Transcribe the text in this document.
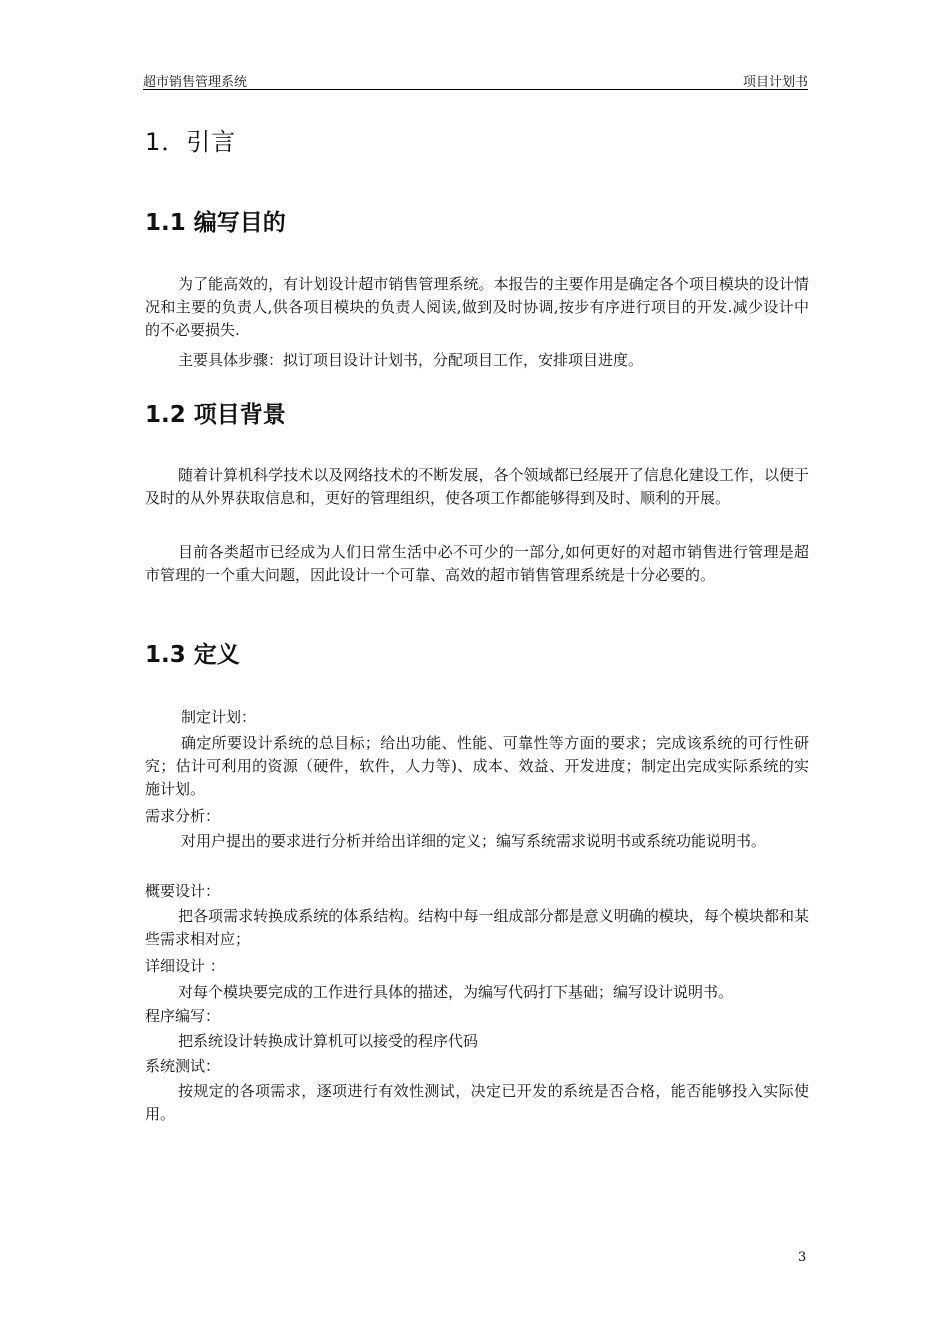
超市销售管理系统	项目计划书
1．引言
1.1 编写目的
为了能高效的，有计划设计超市销售管理系统。本报告的主要作用是确定各个项目模块的设计情况和主要的负责人,供各项目模块的负责人阅读,做到及时协调,按步有序进行项目的开发.减少设计中的不必要损失.
主要具体步骤：拟订项目设计计划书，分配项目工作，安排项目进度。
1.2 项目背景
随着计算机科学技术以及网络技术的不断发展，各个领域都已经展开了信息化建设工作，以便于及时的从外界获取信息和，更好的管理组织，使各项工作都能够得到及时、顺利的开展。
目前各类超市已经成为人们日常生活中必不可少的一部分,如何更好的对超市销售进行管理是超市管理的一个重大问题，因此设计一个可靠、高效的超市销售管理系统是十分必要的。
1.3 定义
制定计划：
确定所要设计系统的总目标；给出功能、性能、可靠性等方面的要求；完成该系统的可行性研究；估计可利用的资源（硬件，软件，人力等)、成本、效益、开发进度；制定出完成实际系统的实施计划。
需求分析：
对用户提出的要求进行分析并给出详细的定义；编写系统需求说明书或系统功能说明书。
概要设计：
把各项需求转换成系统的体系结构。结构中每一组成部分都是意义明确的模块，每个模块都和某些需求相对应；
详细设计 ：
对每个模块要完成的工作进行具体的描述，为编写代码打下基础；编写设计说明书。
程序编写：
把系统设计转换成计算机可以接受的程序代码
系统测试：
按规定的各项需求，逐项进行有效性测试，决定已开发的系统是否合格，能否能够投入实际使用。
3
